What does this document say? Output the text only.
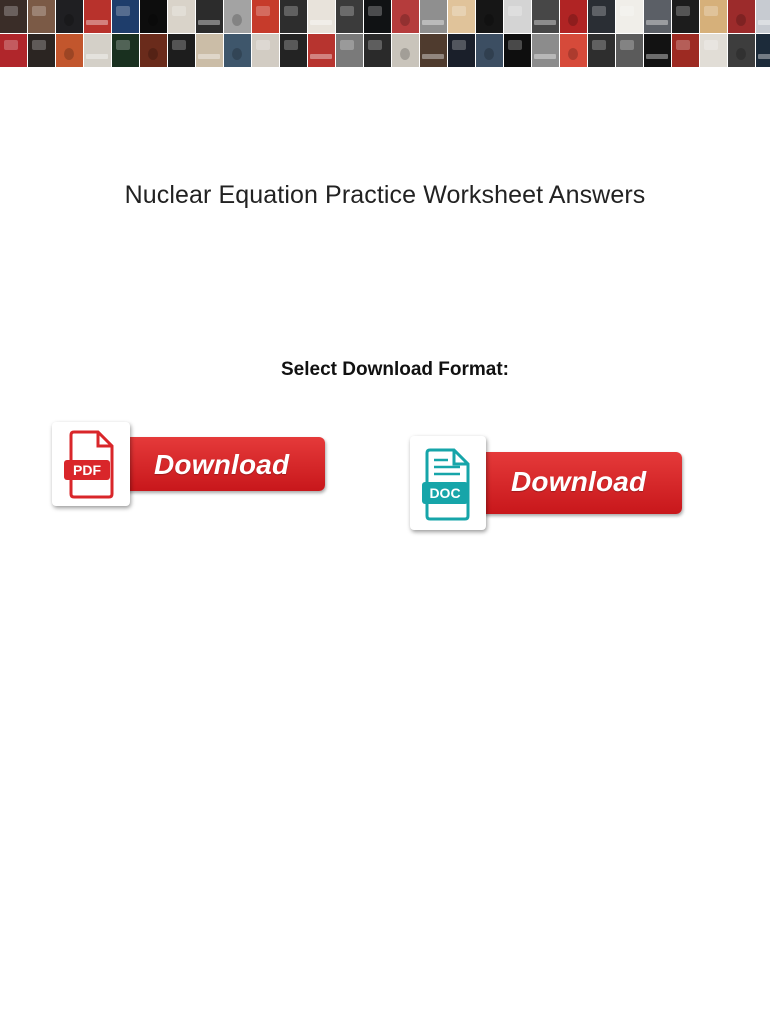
Nuclear Equation Practice Worksheet Answers
Select Download Format:
Download
PDF	Download
DOC
